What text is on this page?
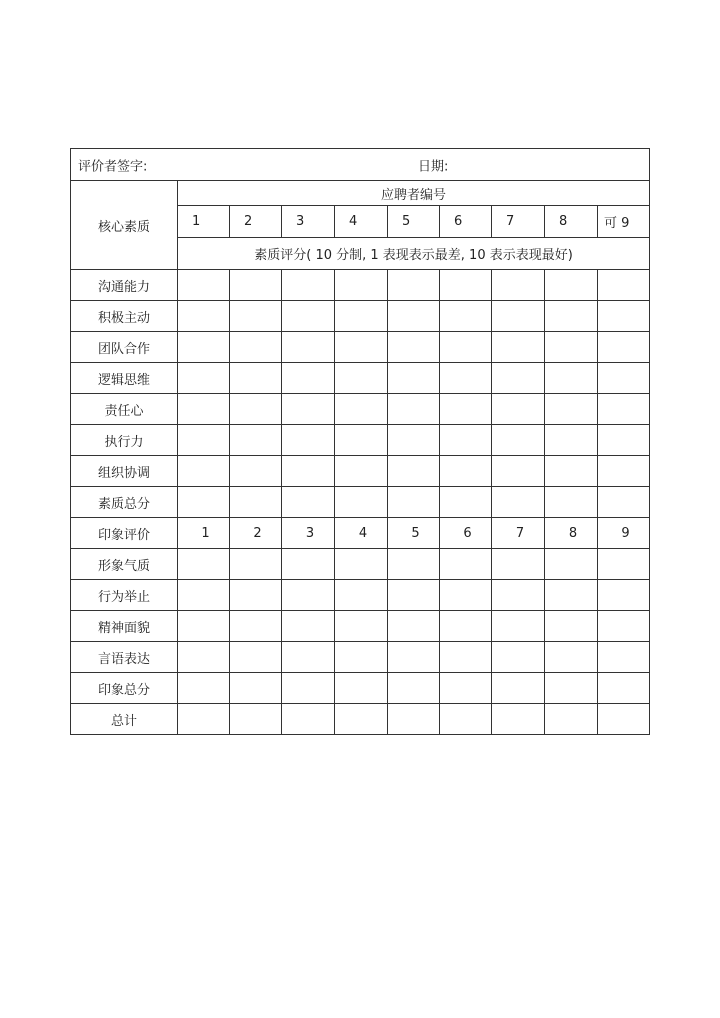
评价者签字: 日期:									

核心素质	应聘者编号								
	1	2	3	4	5	6	7	8	可 9
	素质评分( 10 分制, 1 表现表示最差, 10 表示表现最好)								
沟通能力									
积极主动									
团队合作									
逻辑思维									
责任心									
执行力									
组织协调									
素质总分									
印象评价	1	2	3	4	5	6	7	8	9
形象气质									
行为举止									
精神面貌									
言语表达									
印象总分									
总计									
